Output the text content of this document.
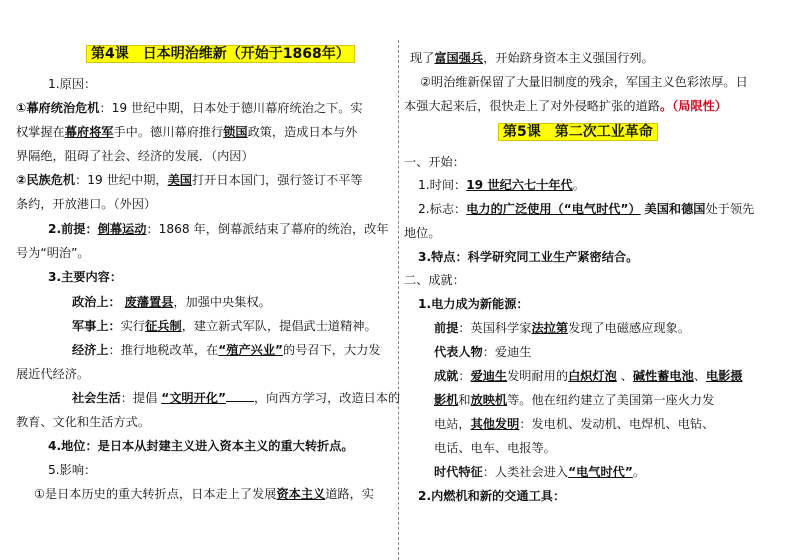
第4课　日本明治维新（开始于1868年）
1.原因：
①幕府统治危机：19 世纪中期，日本处于德川幕府统治之下。实
权掌握在幕府将军手中。德川幕府推行锁国政策，造成日本与外
界隔绝，阻碍了社会、经济的发展．（内因）
②民族危机：19 世纪中期，美国打开日本国门，强行签订不平等
条约，开放港口。（外因）
2.前提：倒幕运动：1868 年，倒幕派结束了幕府的统治，改年
号为“明治”。
3.主要内容：
政治上： 废藩置县，加强中央集权。
军事上：实行征兵制，建立新式军队，提倡武士道精神。
经济上：推行地税改革，在“殖产兴业”的号召下，大力发
展近代经济。
社会生活：提倡 “文明开化” ，向西方学习，改造日本的
教育、文化和生活方式。
4.地位：是日本从封建主义进入资本主义的重大转折点。
5.影响：
①是日本历史的重大转折点，日本走上了发展资本主义道路，实
现了富国强兵，开始跻身资本主义强国行列。
②明治维新保留了大量旧制度的残余，军国主义色彩浓厚。日
本强大起来后，很快走上了对外侵略扩张的道路。（局限性）
第5课　第二次工业革命
一、开始：
1.时间：19 世纪六七十年代。
2.标志：电力的广泛使用（“电气时代”） 美国和德国处于领先
地位。
3.特点：科学研究同工业生产紧密结合。
二、成就：
1.电力成为新能源：
前提：英国科学家法拉第发现了电磁感应现象。
代表人物：爱迪生
成就：爱迪生发明耐用的白炽灯泡 、碱性蓄电池、电影摄
影机和放映机等。他在纽约建立了美国第一座火力发
电站，其他发明：发电机、发动机、电焊机、电钻、
电话、电车、电报等。
时代特征：人类社会进入“电气时代”。
2.内燃机和新的交通工具：
